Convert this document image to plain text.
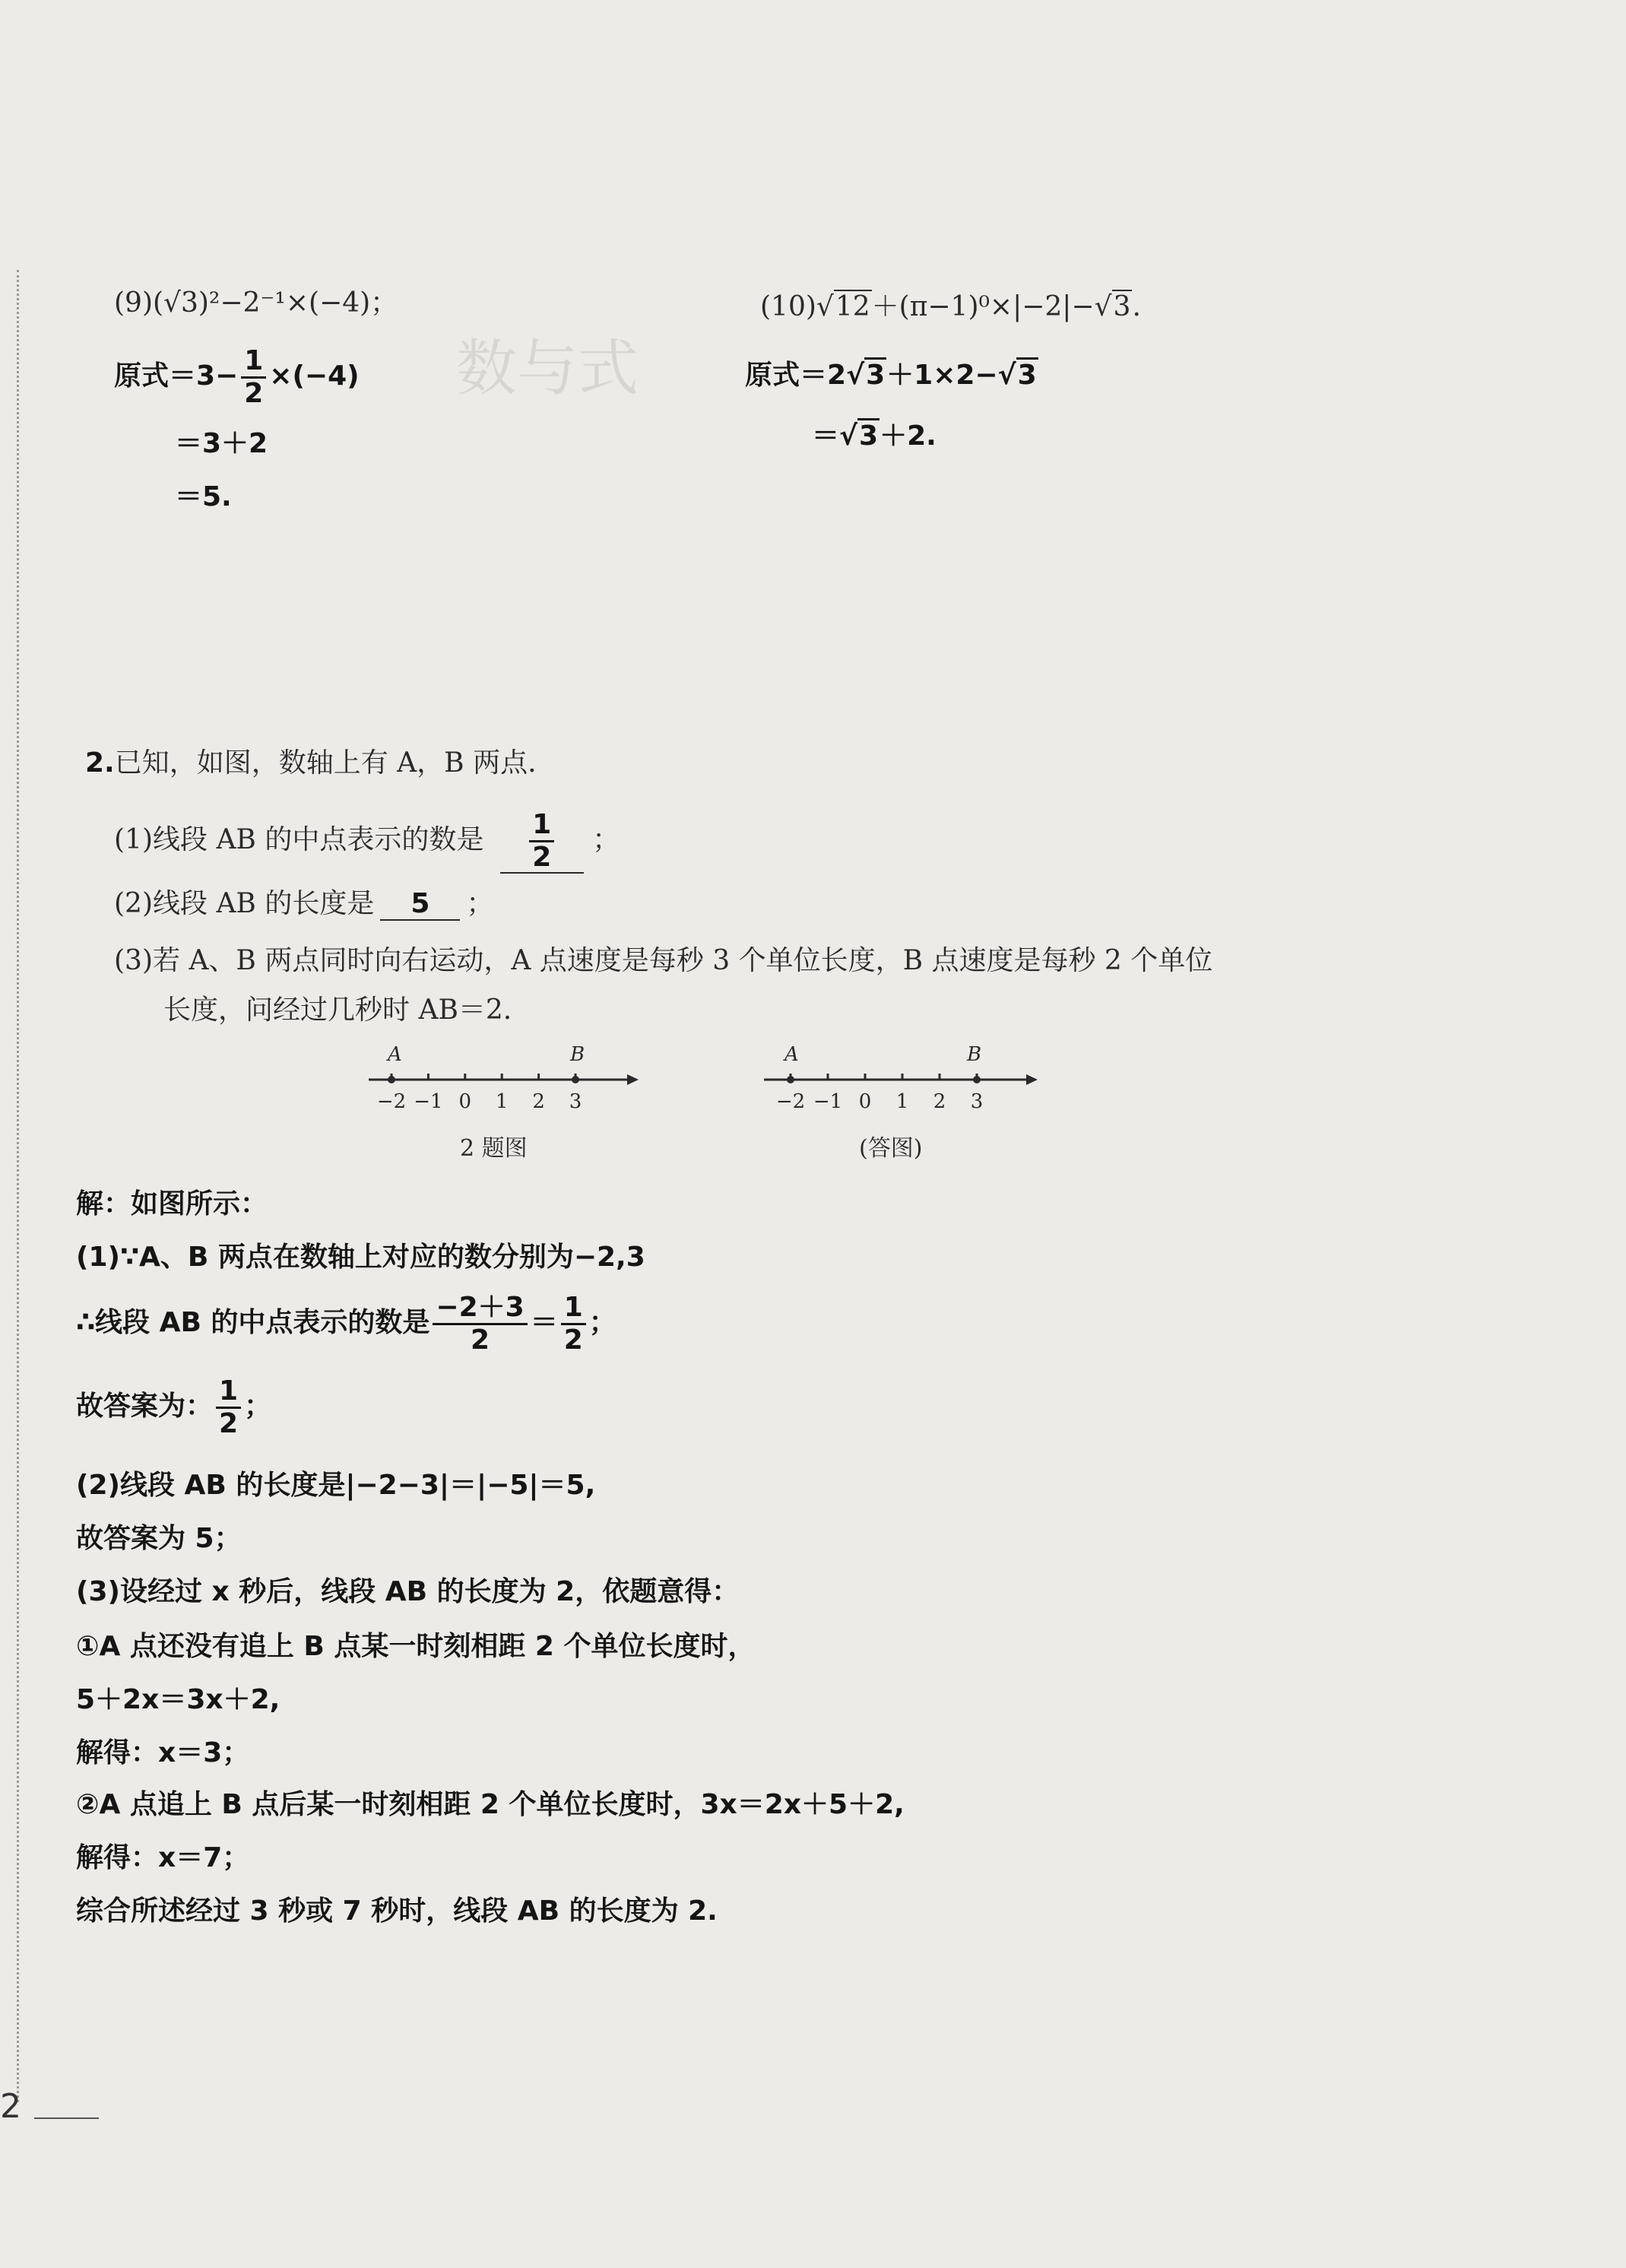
数与式
(9)(√3)²−2⁻¹×(−4)；
原式$=3- \frac{1}{2} \times(-4)$
＝3＋2
＝5.
(10)√12＋(π−1)⁰×|−2|−√3.
原式＝2√3＋1×2−√3
＝√3＋2.
2.已知，如图，数轴上有 A，B 两点.
(1)线段 AB 的中点表示的数是 $\frac{1}{2}$ ；
(2)线段 AB 的长度是 5 ；
(3)若 A、B 两点同时向右运动，A 点速度是每秒 3 个单位长度，B 点速度是每秒 2 个单位
长度，问经过几秒时 AB＝2.
A	B
−2 −1 0 1 2 3
A	B
−2 −1 0 1 2 3
2 题图	(答图)
解：如图所示：
(1)∵A、B 两点在数轴上对应的数分别为−2,3
∴线段 AB 的中点表示的数是 $\frac{-2+3}{2} = \frac{1}{2}$ ；
故答案为： $\frac{1}{2}$ ；
(2)线段 AB 的长度是|−2−3|＝|−5|＝5,
故答案为 5；
(3)设经过 x 秒后，线段 AB 的长度为 2，依题意得：
①A 点还没有追上 B 点某一时刻相距 2 个单位长度时，
5＋2x＝3x＋2,
解得：x＝3；
②A 点追上 B 点后某一时刻相距 2 个单位长度时，3x＝2x＋5＋2,
解得：x＝7；
综合所述经过 3 秒或 7 秒时，线段 AB 的长度为 2.
2
